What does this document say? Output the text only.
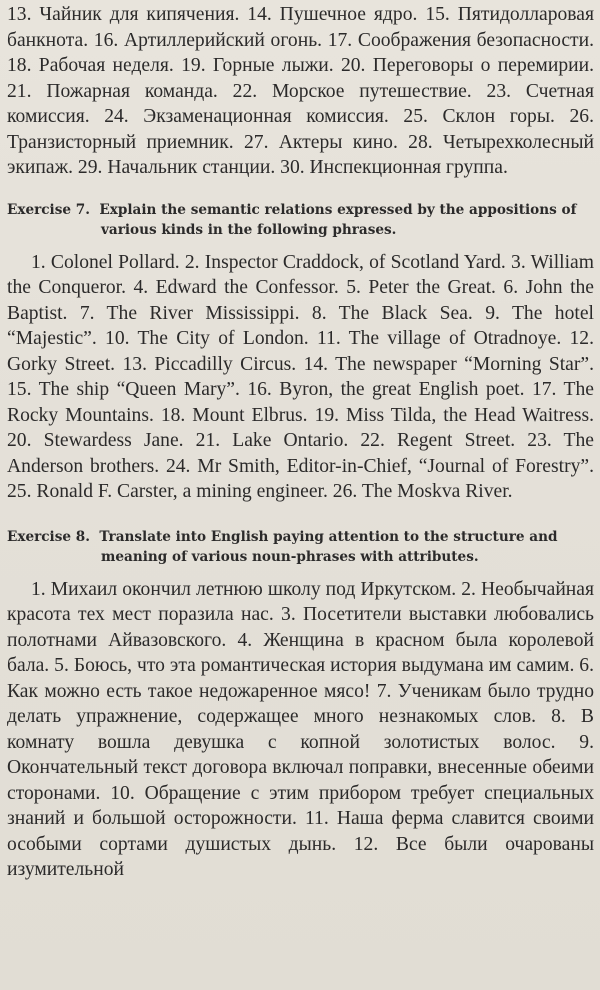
13. Чайник для кипячения. 14. Пушечное ядро. 15. Пятидолларовая банкнота. 16. Артиллерийский огонь. 17. Соображения безопасности. 18. Рабочая неделя. 19. Горные лыжи. 20. Переговоры о перемирии. 21. Пожарная команда. 22. Морское путешествие. 23. Счетная комиссия. 24. Экзаменационная комиссия. 25. Склон горы. 26. Транзисторный приемник. 27. Актеры кино. 28. Четырехколесный экипаж. 29. Начальник станции. 30. Инспекционная группа.

Exercise 7. Explain the semantic relations expressed by the appositions of various kinds in the following phrases.

1. Colonel Pollard. 2. Inspector Craddock, of Scotland Yard. 3. William the Conqueror. 4. Edward the Confessor. 5. Peter the Great. 6. John the Baptist. 7. The River Mississippi. 8. The Black Sea. 9. The hotel “Majestic”. 10. The City of London. 11. The village of Otradnoye. 12. Gorky Street. 13. Piccadilly Circus. 14. The newspaper “Morning Star”. 15. The ship “Queen Mary”. 16. Byron, the great English poet. 17. The Rocky Mountains. 18. Mount Elbrus. 19. Miss Tilda, the Head Waitress. 20. Stewardess Jane. 21. Lake Ontario. 22. Regent Street. 23. The Anderson brothers. 24. Mr Smith, Editor-in-Chief, “Journal of Forestry”. 25. Ronald F. Carster, a mining engineer. 26. The Moskva River.

Exercise 8. Translate into English paying attention to the structure and meaning of various noun-phrases with attributes.

1. Михаил окончил летнюю школу под Иркутском. 2. Необычайная красота тех мест поразила нас. 3. Посетители выставки любовались полотнами Айвазовского. 4. Женщина в красном была королевой бала. 5. Боюсь, что эта романтическая история выдумана им самим. 6. Как можно есть такое недожаренное мясо! 7. Ученикам было трудно делать упражнение, содержащее много незнакомых слов. 8. В комнату вошла девушка с копной золотистых волос. 9. Окончательный текст договора включал поправки, внесенные обеими сторонами. 10. Обращение с этим прибором требует специальных знаний и большой осторожности. 11. Наша ферма славится своими особыми сортами душистых дынь. 12. Все были очарованы изумительной
